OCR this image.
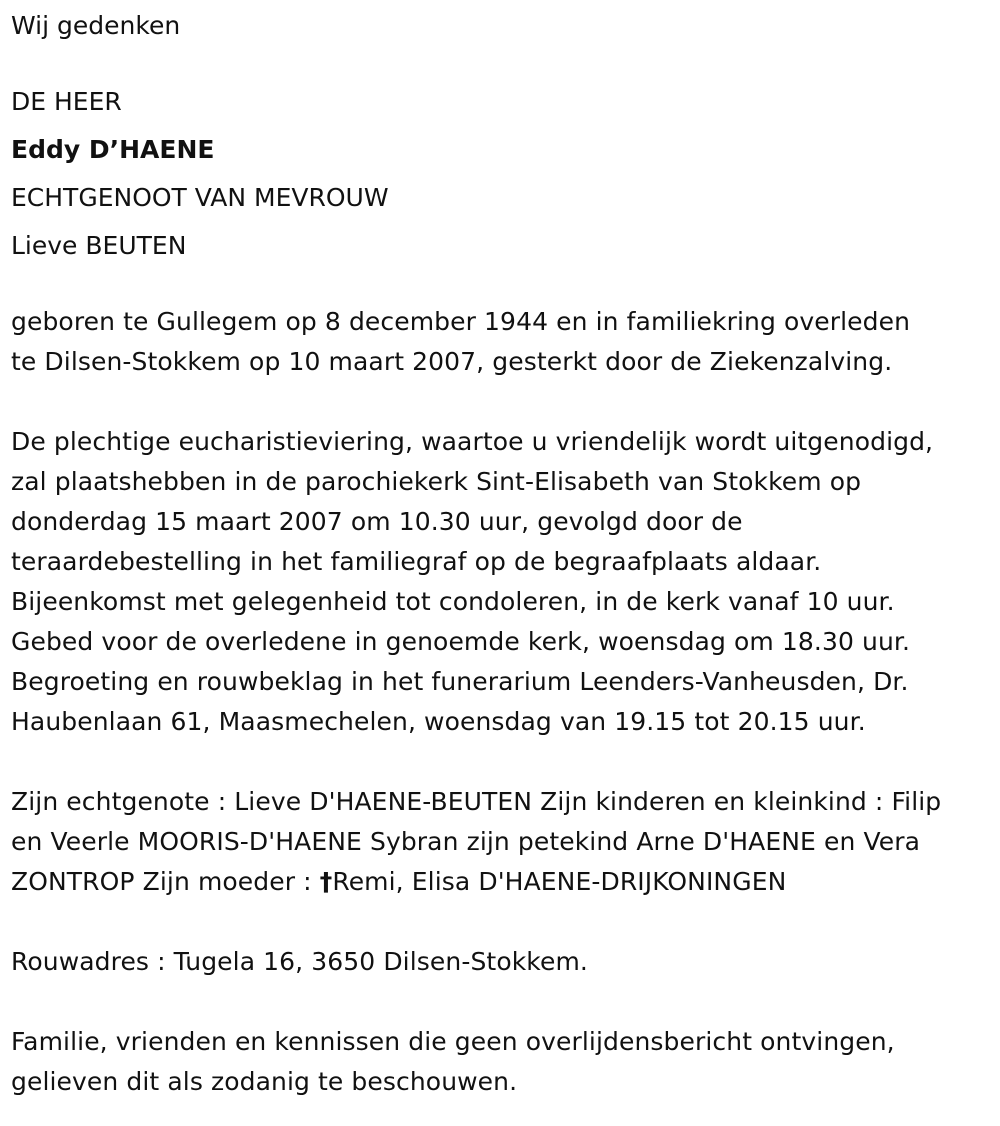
Wij gedenken

DE HEER

Eddy D’HAENE

ECHTGENOOT VAN MEVROUW

Lieve BEUTEN

geboren te Gullegem op 8 december 1944 en in familiekring overleden

te Dilsen-Stokkem op 10 maart 2007, gesterkt door de Ziekenzalving.

De plechtige eucharistieviering, waartoe u vriendelijk wordt uitgenodigd,

zal plaatshebben in de parochiekerk Sint-Elisabeth van Stokkem op

donderdag 15 maart 2007 om 10.30 uur, gevolgd door de

teraardebestelling in het familiegraf op de begraafplaats aldaar.

Bijeenkomst met gelegenheid tot condoleren, in de kerk vanaf 10 uur.

Gebed voor de overledene in genoemde kerk, woensdag om 18.30 uur.

Begroeting en rouwbeklag in het funerarium Leenders-Vanheusden, Dr.

Haubenlaan 61, Maasmechelen, woensdag van 19.15 tot 20.15 uur.

Zijn echtgenote : Lieve D'HAENE-BEUTEN Zijn kinderen en kleinkind : Filip

en Veerle MOORIS-D'HAENE Sybran zijn petekind Arne D'HAENE en Vera

ZONTROP Zijn moeder : †Remi, Elisa D'HAENE-DRIJKONINGEN

Rouwadres : Tugela 16, 3650 Dilsen-Stokkem.

Familie, vrienden en kennissen die geen overlijdensbericht ontvingen,

gelieven dit als zodanig te beschouwen.
